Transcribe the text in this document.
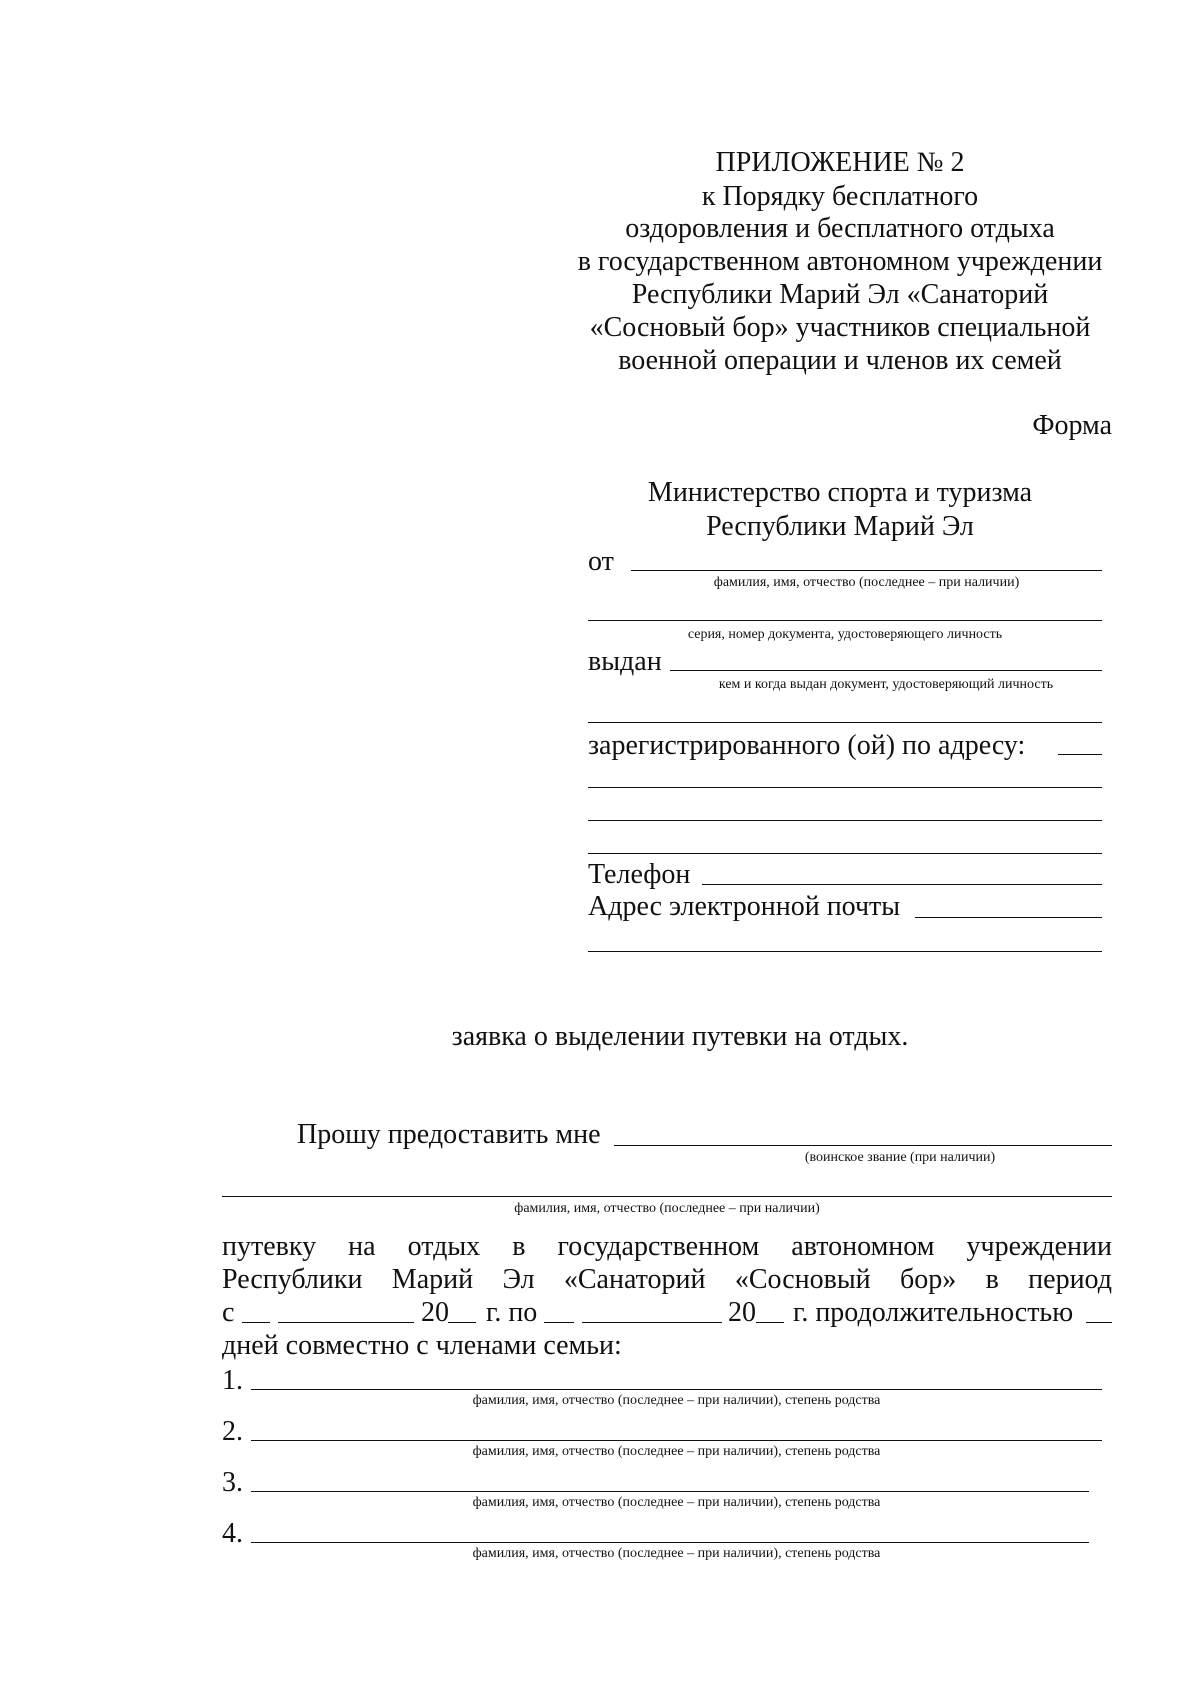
ПРИЛОЖЕНИЕ № 2
к Порядку бесплатного
оздоровления и бесплатного отдыха
в государственном автономном учреждении
Республики Марий Эл «Санаторий
«Сосновый бор» участников специальной
военной операции и членов их семей
Форма
Министерство спорта и туризма
Республики Марий Эл
от
фамилия, имя, отчество (последнее – при наличии)
серия, номер документа, удостоверяющего личность
выдан
кем и когда выдан документ, удостоверяющий личность
зарегистрированного (ой) по адресу:
Телефон
Адрес электронной почты
заявка о выделении путевки на отдых.
Прошу предоставить мне
(воинское звание (при наличии)
фамилия, имя, отчество (последнее – при наличии)
путевку на отдых в государственном автономном учреждении
Республики Марий Эл «Санаторий «Сосновый бор» в период
с	20 г. по	20 г. продолжительностью
дней совместно с членами семьи:
1.
фамилия, имя, отчество (последнее – при наличии), степень родства
2.
фамилия, имя, отчество (последнее – при наличии), степень родства
3.
фамилия, имя, отчество (последнее – при наличии), степень родства
4.
фамилия, имя, отчество (последнее – при наличии), степень родства
